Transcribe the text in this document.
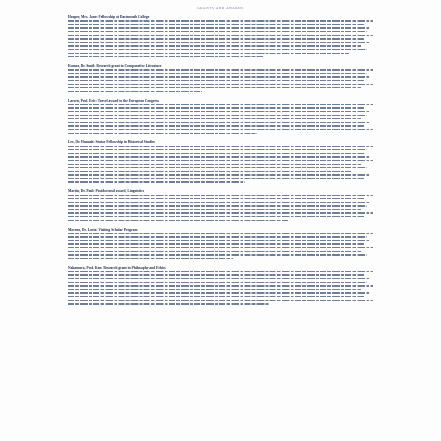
GRANTS AND AWARDS
Hooper, Mrs. Jane: Fellowship at Dartmouth College
Kumar, Dr. Sunil: Research grant in Comparative Literature
Larsen, Prof. Eric: Travel award to the European Congress
Lee, Dr. Hannah: Senior Fellowship in Historical Studies
Martin, Dr. Paul: Postdoctoral award, Linguistics
Moreno, Dr. Lucia: Visiting Scholar Program
Nakamura, Prof. Ken: Research grant in Philosophy and Ethics
